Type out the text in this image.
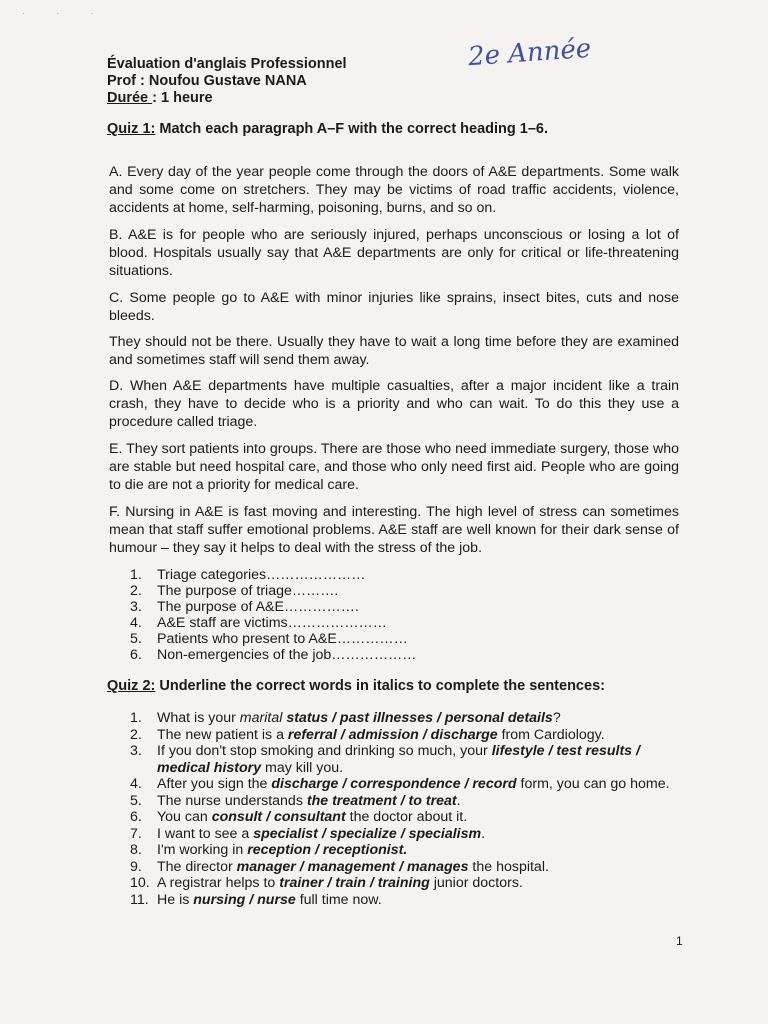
· · ·
Évaluation d'anglais Professionnel
Prof : Noufou Gustave NANA
Durée : 1 heure
2e Année
Quiz 1: Match each paragraph A–F with the correct heading 1–6.
A. Every day of the year people come through the doors of A&E departments. Some walk and some come on stretchers. They may be victims of road traffic accidents, violence, accidents at home, self-harming, poisoning, burns, and so on.
B. A&E is for people who are seriously injured, perhaps unconscious or losing a lot of blood. Hospitals usually say that A&E departments are only for critical or life-threatening situations.
C. Some people go to A&E with minor injuries like sprains, insect bites, cuts and nose bleeds.
They should not be there. Usually they have to wait a long time before they are examined and sometimes staff will send them away.
D. When A&E departments have multiple casualties, after a major incident like a train crash, they have to decide who is a priority and who can wait. To do this they use a procedure called triage.
E. They sort patients into groups. There are those who need immediate surgery, those who are stable but need hospital care, and those who only need first aid. People who are going to die are not a priority for medical care.
F. Nursing in A&E is fast moving and interesting. The high level of stress can sometimes mean that staff suffer emotional problems. A&E staff are well known for their dark sense of humour – they say it helps to deal with the stress of the job.
1.	Triage categories…………………
2.	The purpose of triage……….
3.	The purpose of A&E…………….
4.	A&E staff are victims…………………
5.	Patients who present to A&E……………
6.	Non-emergencies of the job………………
Quiz 2: Underline the correct words in italics to complete the sentences:
1.	What is your marital status / past illnesses / personal details?
2.	The new patient is a referral / admission / discharge from Cardiology.
3.	If you don't stop smoking and drinking so much, your lifestyle / test results / medical history may kill you.
4.	After you sign the discharge / correspondence / record form, you can go home.
5.	The nurse understands the treatment / to treat.
6.	You can consult / consultant the doctor about it.
7.	I want to see a specialist / specialize / specialism.
8.	I'm working in reception / receptionist.
9.	The director manager / management / manages the hospital.
10. A registrar helps to trainer / train / training junior doctors.
11. He is nursing / nurse full time now.
1
